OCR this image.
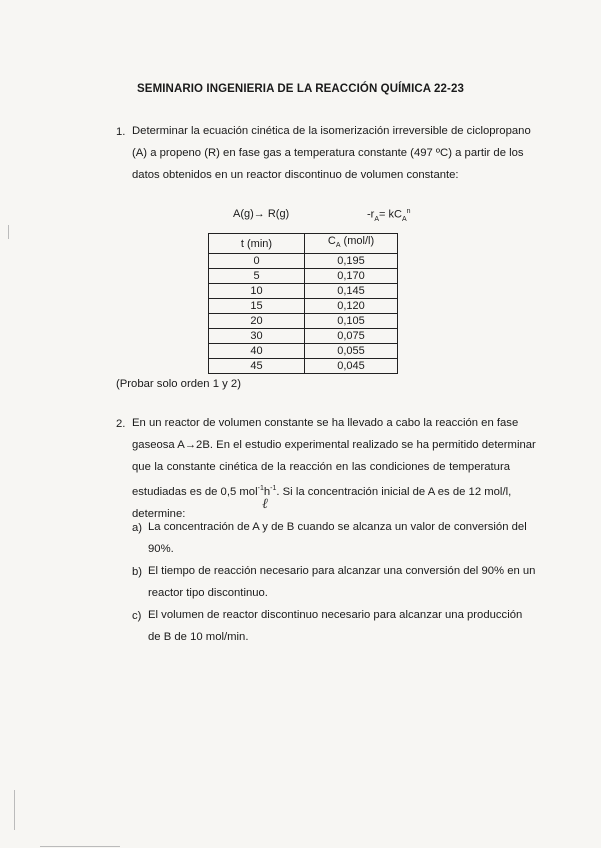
SEMINARIO INGENIERIA DE LA REACCIÓN QUÍMICA 22-23
1. Determinar la ecuación cinética de la isomerización irreversible de ciclopropano
(A) a propeno (R) en fase gas a temperatura constante (497 ºC) a partir de los
datos obtenidos en un reactor discontinuo de volumen constante:
A(g)→ R(g)	$-r_A= kC_A^n$
t (min)	$C_A$ (mol/l)
0	0,195
5	0,170
10	0,145
15	0,120
20	0,105
30	0,075
40	0,055
45	0,045
(Probar solo orden 1 y 2)
2. En un reactor de volumen constante se ha llevado a cabo la reacción en fase
gaseosa A→2B. En el estudio experimental realizado se ha permitido determinar
que la constante cinética de la reacción en las condiciones de temperatura
estudiadas es de 0,5 $mol^{-1}h^{-1}$. Si la concentración inicial de A es de 12 mol/l,
determine:
ℓ
a) La concentración de A y de B cuando se alcanza un valor de conversión del
90%.
b) El tiempo de reacción necesario para alcanzar una conversión del 90% en un
reactor tipo discontinuo.
c) El volumen de reactor discontinuo necesario para alcanzar una producción
de B de 10 mol/min.
